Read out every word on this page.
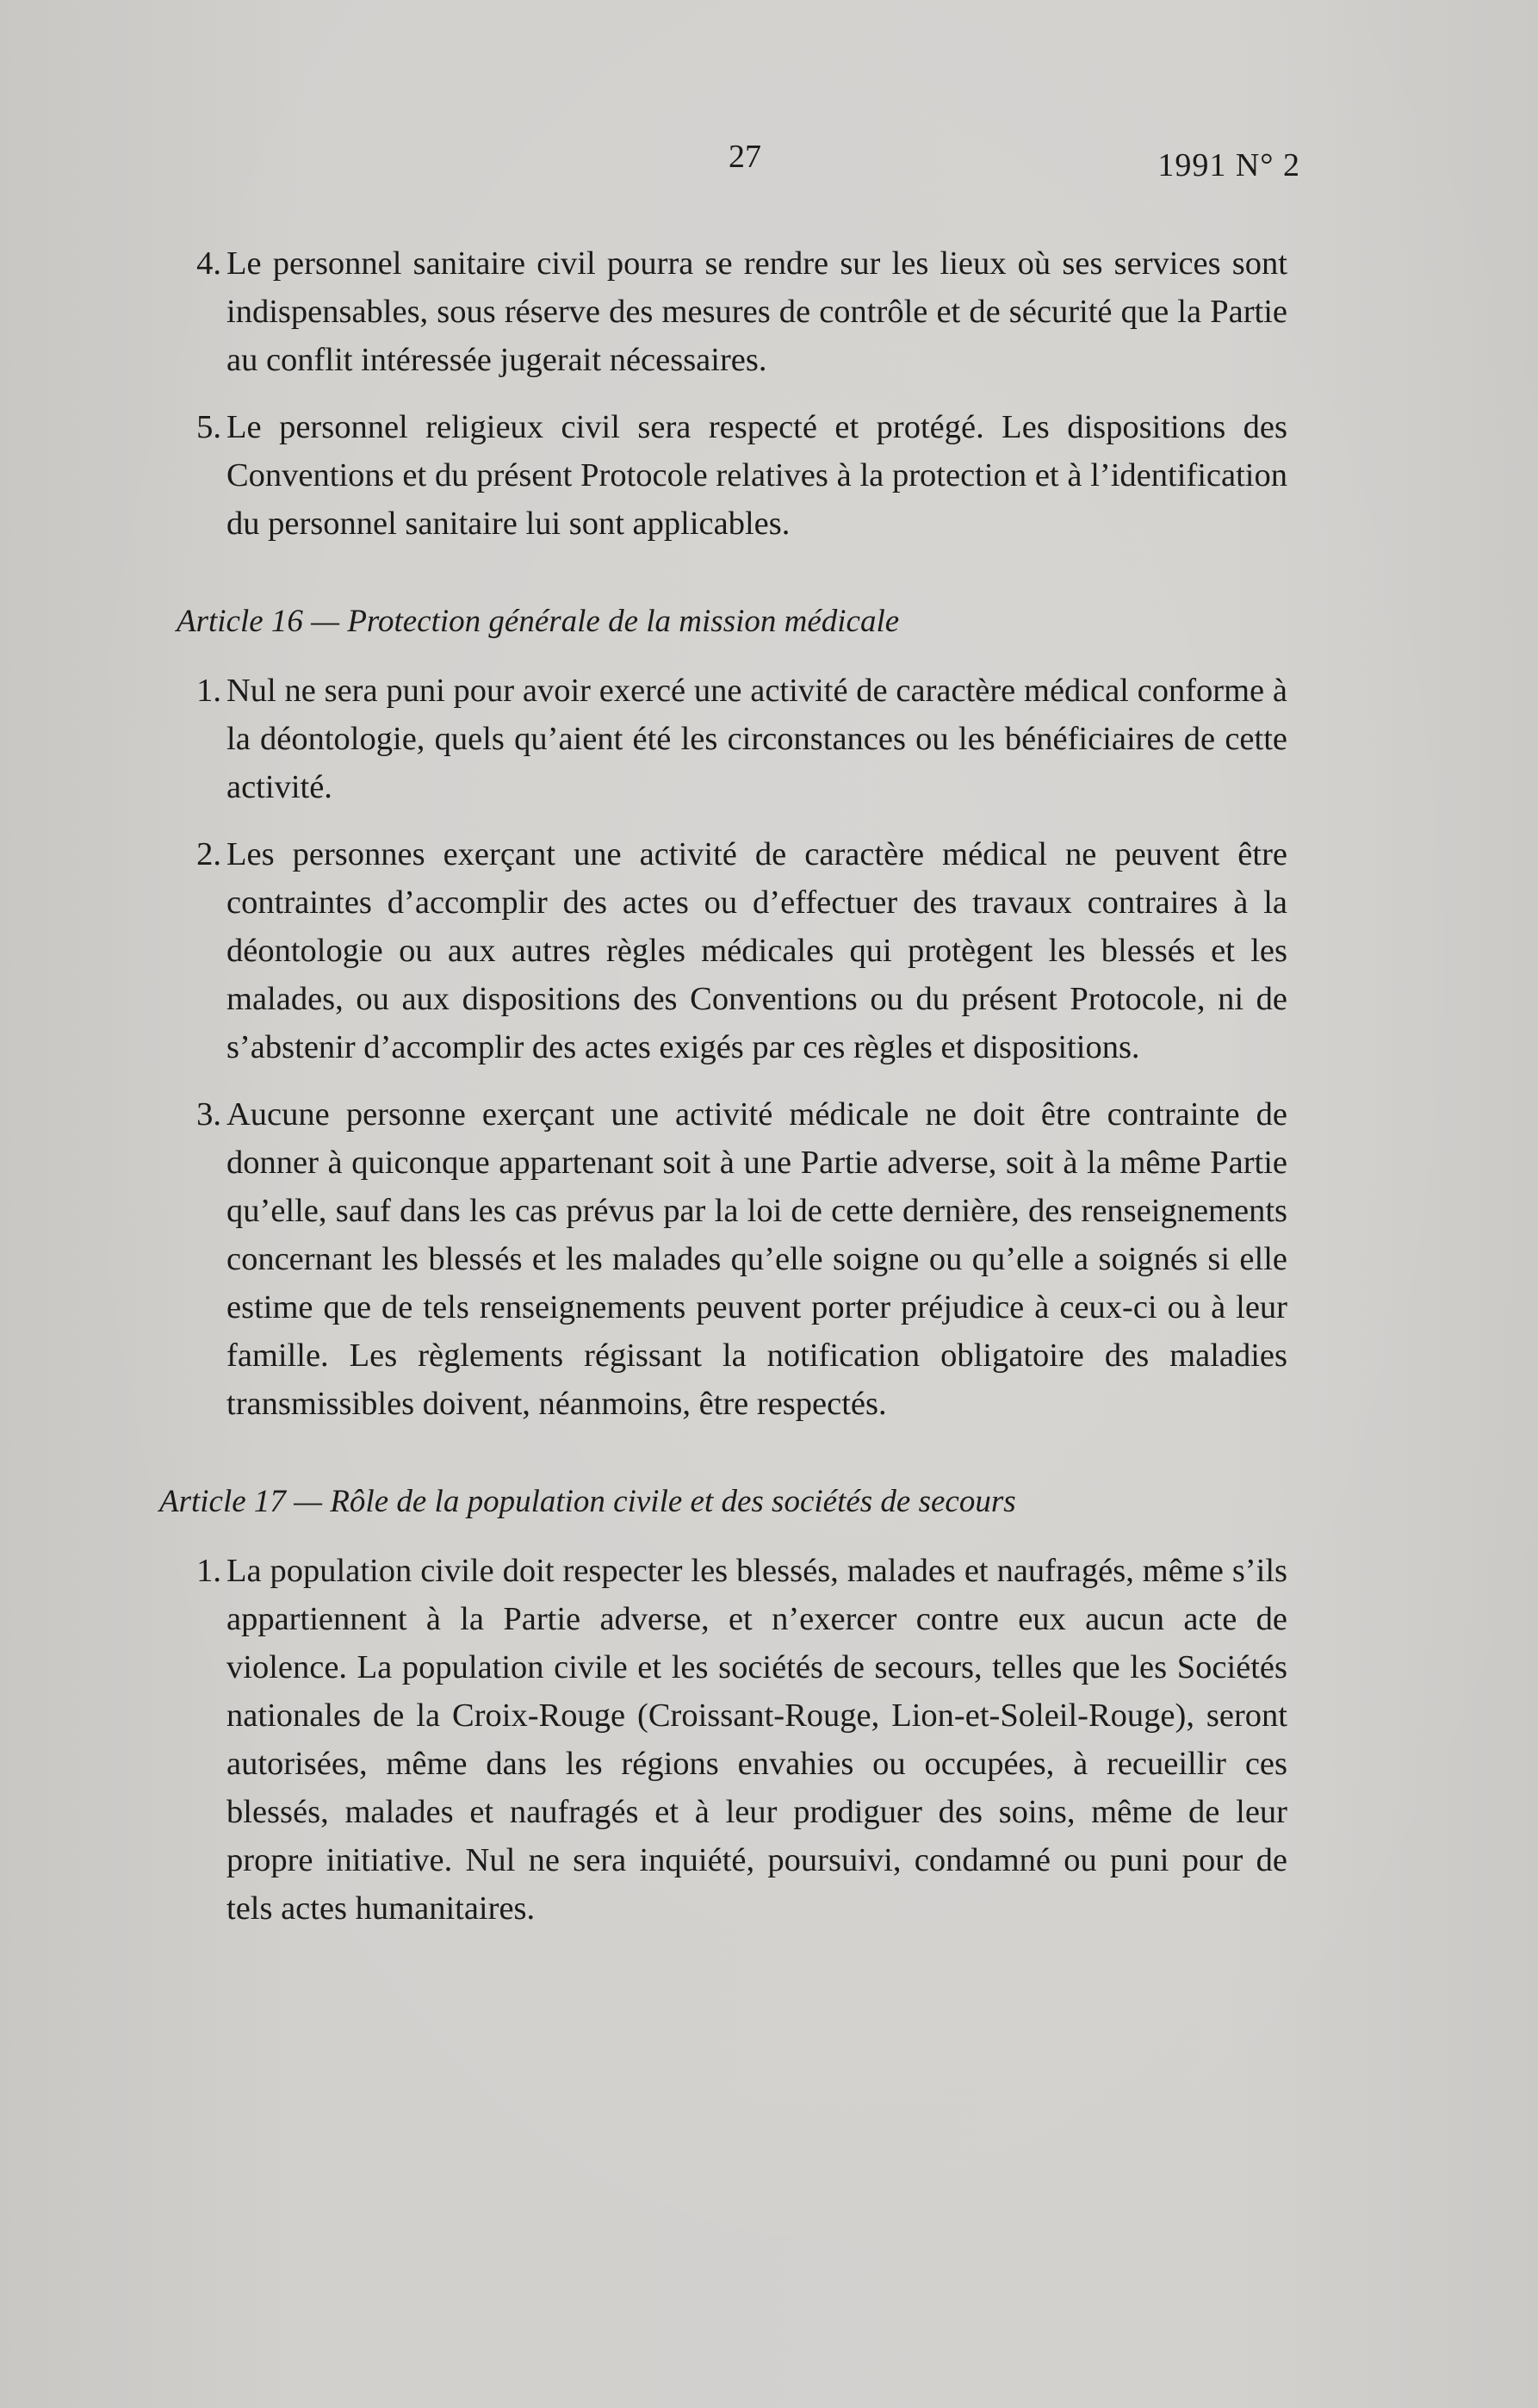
27	1991 N° 2
4. Le personnel sanitaire civil pourra se rendre sur les lieux où ses services sont indispensables, sous réserve des mesures de contrôle et de sécurité que la Partie au conflit intéressée jugerait nécessaires.
5. Le personnel religieux civil sera respecté et protégé. Les dispositions des Conventions et du présent Protocole relatives à la protection et à l’identification du personnel sanitaire lui sont applicables.
Article 16 — Protection générale de la mission médicale
1. Nul ne sera puni pour avoir exercé une activité de caractère médical conforme à la déontologie, quels qu’aient été les circonstances ou les bénéficiaires de cette activité.
2. Les personnes exerçant une activité de caractère médical ne peuvent être contraintes d’accomplir des actes ou d’effectuer des travaux contraires à la déontologie ou aux autres règles médicales qui protègent les blessés et les malades, ou aux dispositions des Conventions ou du présent Protocole, ni de s’abstenir d’accomplir des actes exigés par ces règles et dispositions.
3. Aucune personne exerçant une activité médicale ne doit être contrainte de donner à quiconque appartenant soit à une Partie adverse, soit à la même Partie qu’elle, sauf dans les cas prévus par la loi de cette dernière, des renseignements concernant les blessés et les malades qu’elle soigne ou qu’elle a soignés si elle estime que de tels renseignements peuvent porter préjudice à ceux-ci ou à leur famille. Les règlements régissant la notification obligatoire des maladies transmissibles doivent, néanmoins, être respectés.
Article 17 — Rôle de la population civile et des sociétés de secours
1. La population civile doit respecter les blessés, malades et naufragés, même s’ils appartiennent à la Partie adverse, et n’exercer contre eux aucun acte de violence. La population civile et les sociétés de secours, telles que les Sociétés nationales de la Croix-Rouge (Croissant-Rouge, Lion-et-Soleil-Rouge), seront autorisées, même dans les régions envahies ou occupées, à recueillir ces blessés, malades et naufragés et à leur prodiguer des soins, même de leur propre initiative. Nul ne sera inquiété, poursuivi, condamné ou puni pour de tels actes humanitaires.
